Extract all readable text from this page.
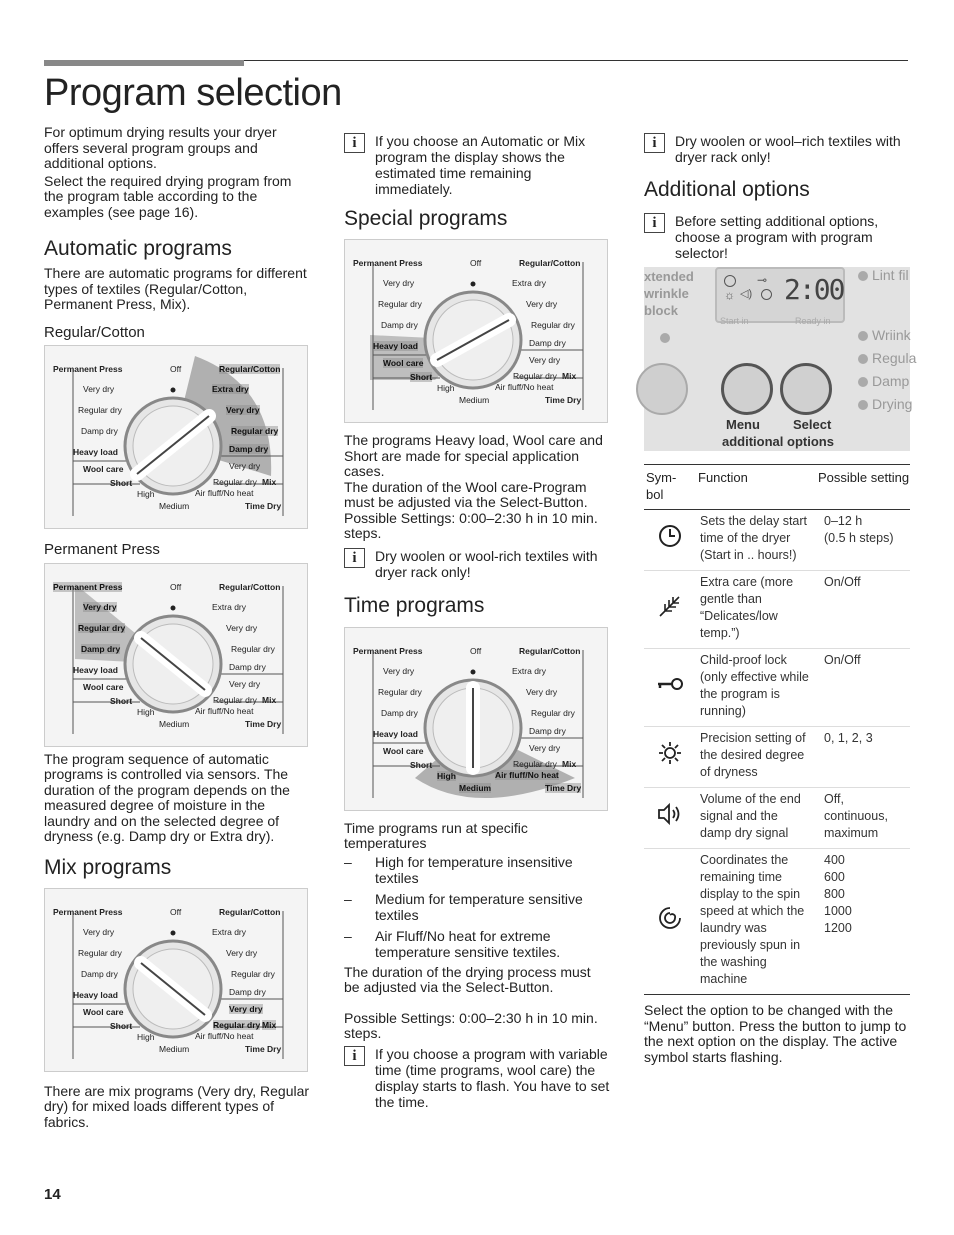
Program selection

For optimum drying results your dryer offers several program groups and additional options.

Select the required drying program from the program table according to the examples (see page 16).

Automatic programs

There are automatic programs for different types of textiles (Regular/Cotton, Permanent Press, Mix).

Regular/Cotton
Permanent Press	Off	Regular/Cotton
Very dry	Extra dry
Regular dry	Very dry
Damp dry	Regular dry
Heavy load	Damp dry
Wool care	Very dry
Short	Regular dry Mix
High	Air fluff/No heat
Medium	Time Dry
Permanent Press
Permanent Press	Off	Regular/Cotton
Very dry	Extra dry
Regular dry	Very dry
Damp dry	Regular dry
Heavy load	Damp dry
Wool care	Very dry
Short	Regular dry Mix
High	Air fluff/No heat
Medium	Time Dry

The program sequence of automatic programs is controlled via sensors. The duration of the program depends on the measured degree of moisture in the laundry and on the selected degree of dryness (e.g. Damp dry or Extra dry).

Mix programs
Permanent Press	Off	Regular/Cotton
Very dry	Extra dry
Regular dry	Very dry
Damp dry	Regular dry
Heavy load	Damp dry
Wool care	Very dry
Short	Regular dry Mix
High	Air fluff/No heat
Medium	Time Dry

There are mix programs (Very dry, Regular dry) for mixed loads different types of fabrics.

i	If you choose an Automatic or Mix program the display shows the estimated time remaining immediately.
Special programs
Permanent Press	Off	Regular/Cotton
Very dry	Extra dry
Regular dry	Very dry
Damp dry	Regular dry
Heavy load	Damp dry
Wool care	Very dry
Short	Regular dry Mix
High	Air fluff/No heat
Medium	Time Dry

The programs Heavy load, Wool care and Short are made for special application cases.

The duration of the Wool care-Program must be adjusted via the Select-Button.

Possible Settings: 0:00–2:30 h in 10 min. steps.

i	Dry woolen or wool-rich textiles with dryer rack only!
Time programs
Permanent Press	Off	Regular/Cotton
Very dry	Extra dry
Regular dry	Very dry
Damp dry	Regular dry
Heavy load	Damp dry
Wool care	Very dry
Short	Regular dry Mix
High	Air fluff/No heat
Medium	Time Dry

Time programs run at specific temperatures

– High for temperature insensitive textiles
– Medium for temperature sensitive textiles
– Air Fluff/No heat for extreme temperature sensitive textiles.

The duration of the drying process must be adjusted via the Select-Button.

Possible Settings: 0:00–2:30 h in 10 min. steps.

i	If you choose a program with variable time (time programs, wool care) the display starts to flash. You have to set the time.
i	Dry woolen or wool–rich textiles with dryer rack only!
Additional options
i	Before setting additional options, choose a program with program selector!
xtended
wrinkle
block
⊸
☼ ◁) 2:00
Start in	Ready in
Lint fil
Wriink
Regula
Damp
Drying
Menu	Select
additional options
Sym-
bol	Function	Possible setting
	Sets the delay start time of the dryer (Start in .. hours!)	0–12 h
(0.5 h steps)
	Extra care (more gentle than “Delicates/low temp.”)	On/Off
	Child-proof lock (only effective while the program is running)	On/Off
	Precision setting of the desired degree of dryness	0, 1, 2, 3
	Volume of the end signal and the damp dry signal	Off, continuous, maximum
	Coordinates the remaining time display to the spin speed at which the laundry was previously spun in the washing machine	400
600
800
1000
1200

Select the option to be changed with the “Menu” button. Press the button to jump to the next option on the display. The active symbol starts flashing.

14
